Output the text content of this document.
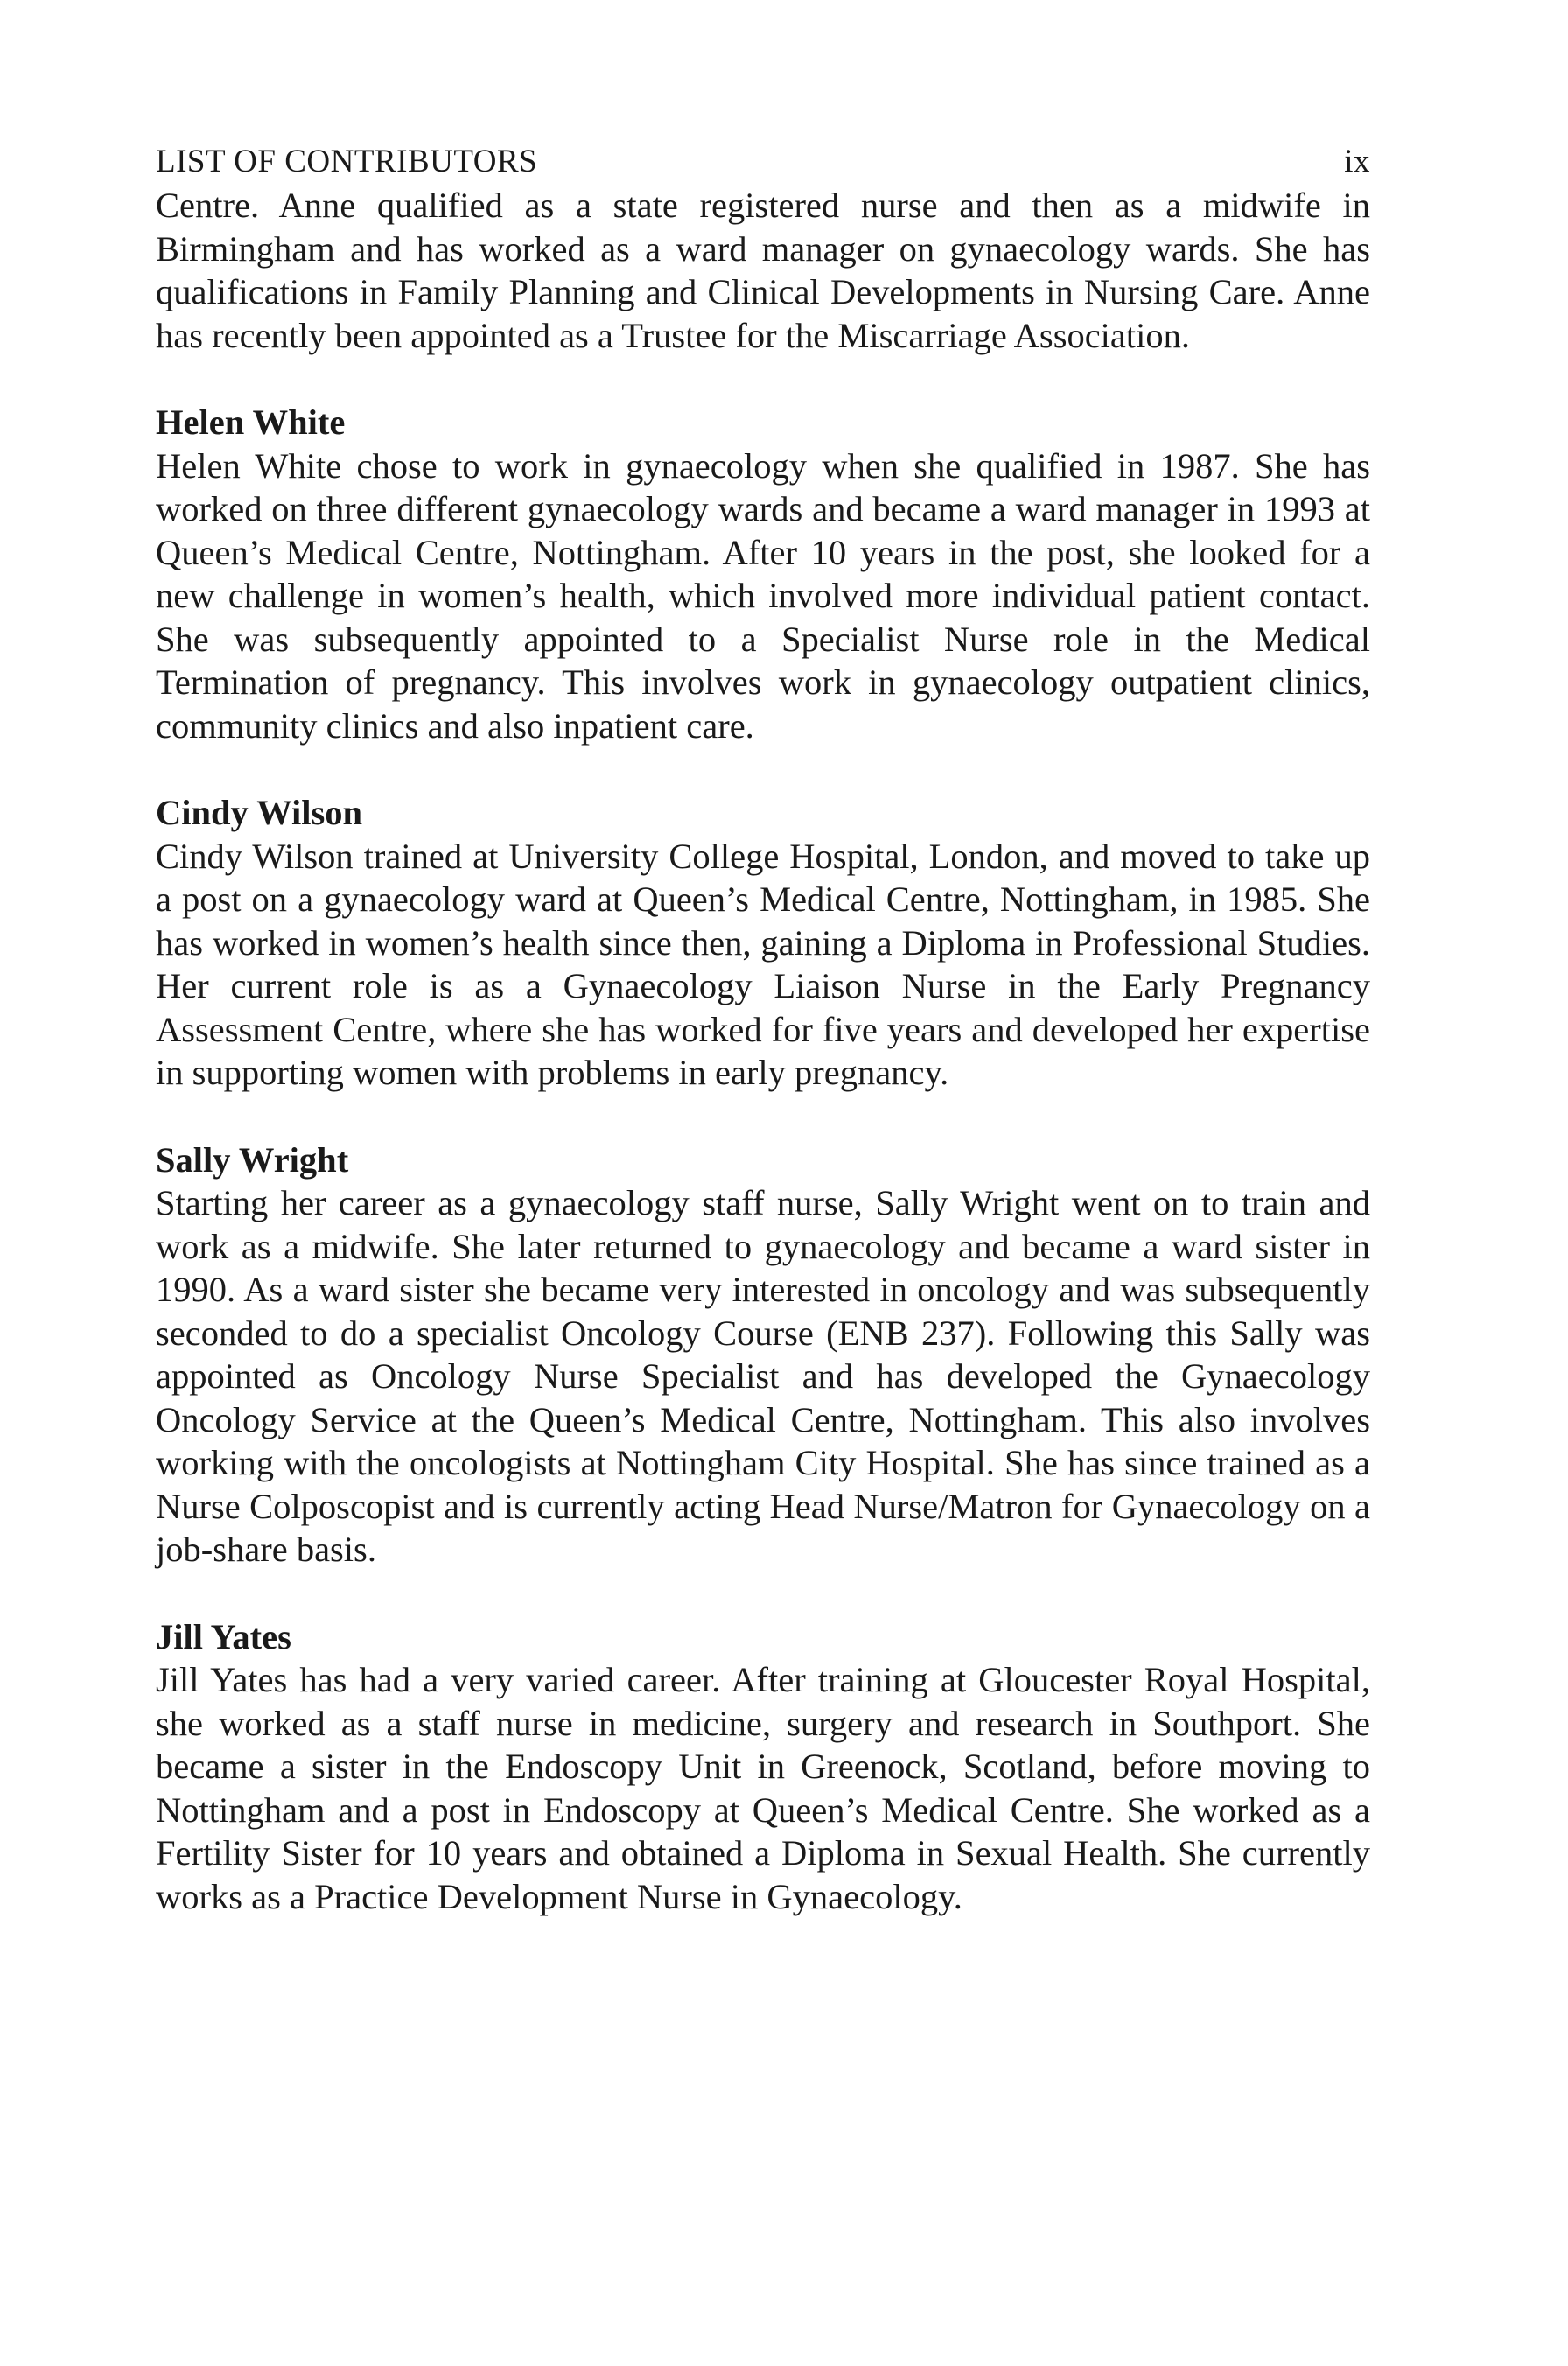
LIST OF CONTRIBUTORS	ix

Centre. Anne qualified as a state registered nurse and then as a midwife in Birmingham and has worked as a ward manager on gynaecology wards. She has qualifications in Family Planning and Clinical Developments in Nursing Care. Anne has recently been appointed as a Trustee for the Miscarriage Association.

Helen White

Helen White chose to work in gynaecology when she qualified in 1987. She has worked on three different gynaecology wards and became a ward manager in 1993 at Queen’s Medical Centre, Nottingham. After 10 years in the post, she looked for a new challenge in women’s health, which involved more individual patient contact. She was subsequently appointed to a Specialist Nurse role in the Medical Termination of pregnancy. This involves work in gynaecology outpatient clinics, community clinics and also inpatient care.

Cindy Wilson

Cindy Wilson trained at University College Hospital, London, and moved to take up a post on a gynaecology ward at Queen’s Medical Centre, Nottingham, in 1985. She has worked in women’s health since then, gaining a Diploma in Professional Studies. Her current role is as a Gynaecology Liaison Nurse in the Early Pregnancy Assessment Centre, where she has worked for five years and developed her expertise in supporting women with problems in early pregnancy.

Sally Wright

Starting her career as a gynaecology staff nurse, Sally Wright went on to train and work as a midwife. She later returned to gynaecology and became a ward sister in 1990. As a ward sister she became very interested in oncology and was subsequently seconded to do a specialist Oncology Course (ENB 237). Following this Sally was appointed as Oncology Nurse Specialist and has developed the Gynaecology Oncology Service at the Queen’s Medical Centre, Nottingham. This also involves working with the oncologists at Nottingham City Hospital. She has since trained as a Nurse Colposcopist and is currently acting Head Nurse/Matron for Gynaecology on a job-share basis.

Jill Yates

Jill Yates has had a very varied career. After training at Gloucester Royal Hospital, she worked as a staff nurse in medicine, surgery and research in Southport. She became a sister in the Endoscopy Unit in Greenock, Scotland, before moving to Nottingham and a post in Endoscopy at Queen’s Medical Centre. She worked as a Fertility Sister for 10 years and obtained a Diploma in Sexual Health. She currently works as a Practice Development Nurse in Gynaecology.
